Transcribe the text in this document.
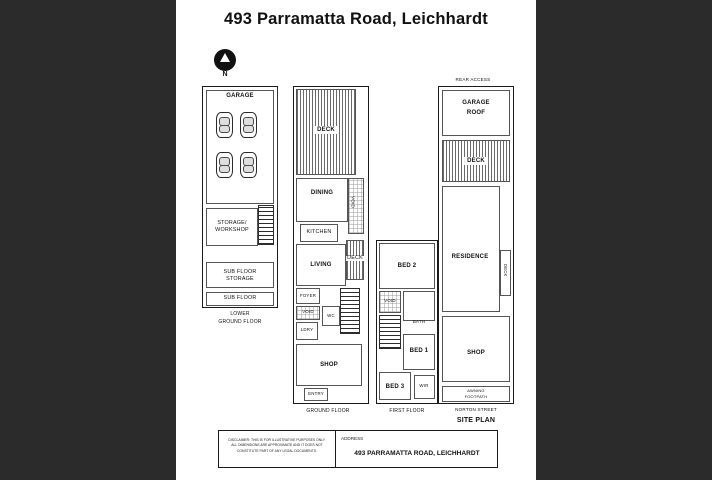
493 Parramatta Road, Leichhardt
N
GARAGE
STORAGE/
WORKSHOP
SUB FLOOR
STORAGE
SUB FLOOR
LOWER
GROUND FLOOR
DECK
DINING
VOID
KITCHEN
LIVING
DECK
FOYER
VOID
WC
LDRY
SHOP
ENTRY
GROUND FLOOR
BED 2
VOID
BATH
BED 1
BED 3	WIR
FIRST FLOOR
REAR ACCESS
GARAGE
ROOF
DECK
RESIDENCE
DECK
SHOP
AWNING
FOOTPATH
NORTON STREET
SITE PLAN
DISCLAIMER: THIS IS FOR ILLUSTRATIVE PURPOSES ONLY.
ALL DIMENSIONS ARE APPROXIMATE AND IT DOES NOT
CONSTITUTE PART OF ANY LEGAL DOCUMENTS.
ADDRESS
493 PARRAMATTA ROAD, LEICHHARDT
